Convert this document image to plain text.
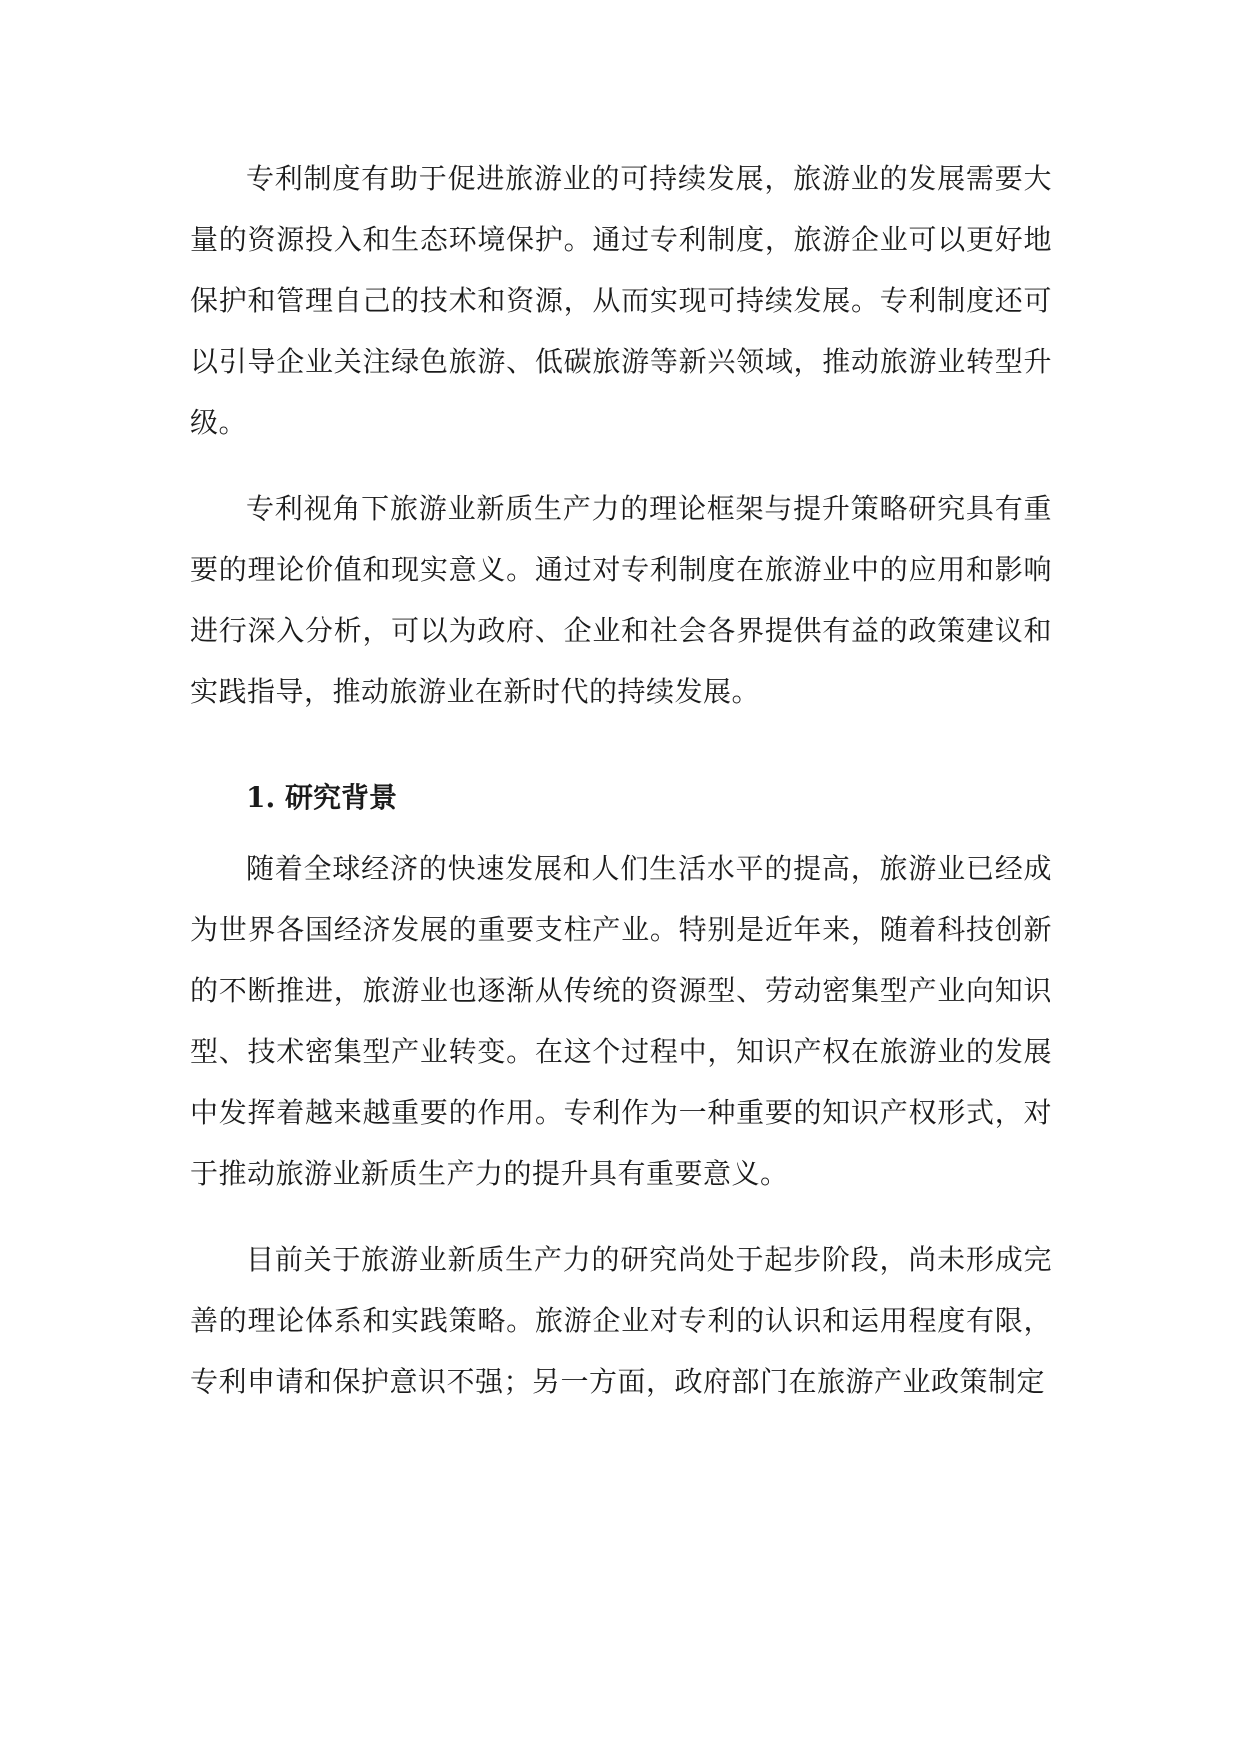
专利制度有助于促进旅游业的可持续发展，旅游业的发展需要大量的资源投入和生态环境保护。通过专利制度，旅游企业可以更好地保护和管理自己的技术和资源，从而实现可持续发展。专利制度还可以引导企业关注绿色旅游、低碳旅游等新兴领域，推动旅游业转型升级。

专利视角下旅游业新质生产力的理论框架与提升策略研究具有重要的理论价值和现实意义。通过对专利制度在旅游业中的应用和影响进行深入分析，可以为政府、企业和社会各界提供有益的政策建议和实践指导，推动旅游业在新时代的持续发展。

1. 研究背景

随着全球经济的快速发展和人们生活水平的提高，旅游业已经成为世界各国经济发展的重要支柱产业。特别是近年来，随着科技创新的不断推进，旅游业也逐渐从传统的资源型、劳动密集型产业向知识型、技术密集型产业转变。在这个过程中，知识产权在旅游业的发展中发挥着越来越重要的作用。专利作为一种重要的知识产权形式，对于推动旅游业新质生产力的提升具有重要意义。

目前关于旅游业新质生产力的研究尚处于起步阶段，尚未形成完善的理论体系和实践策略。旅游企业对专利的认识和运用程度有限，专利申请和保护意识不强；另一方面，政府部门在旅游产业政策制定
